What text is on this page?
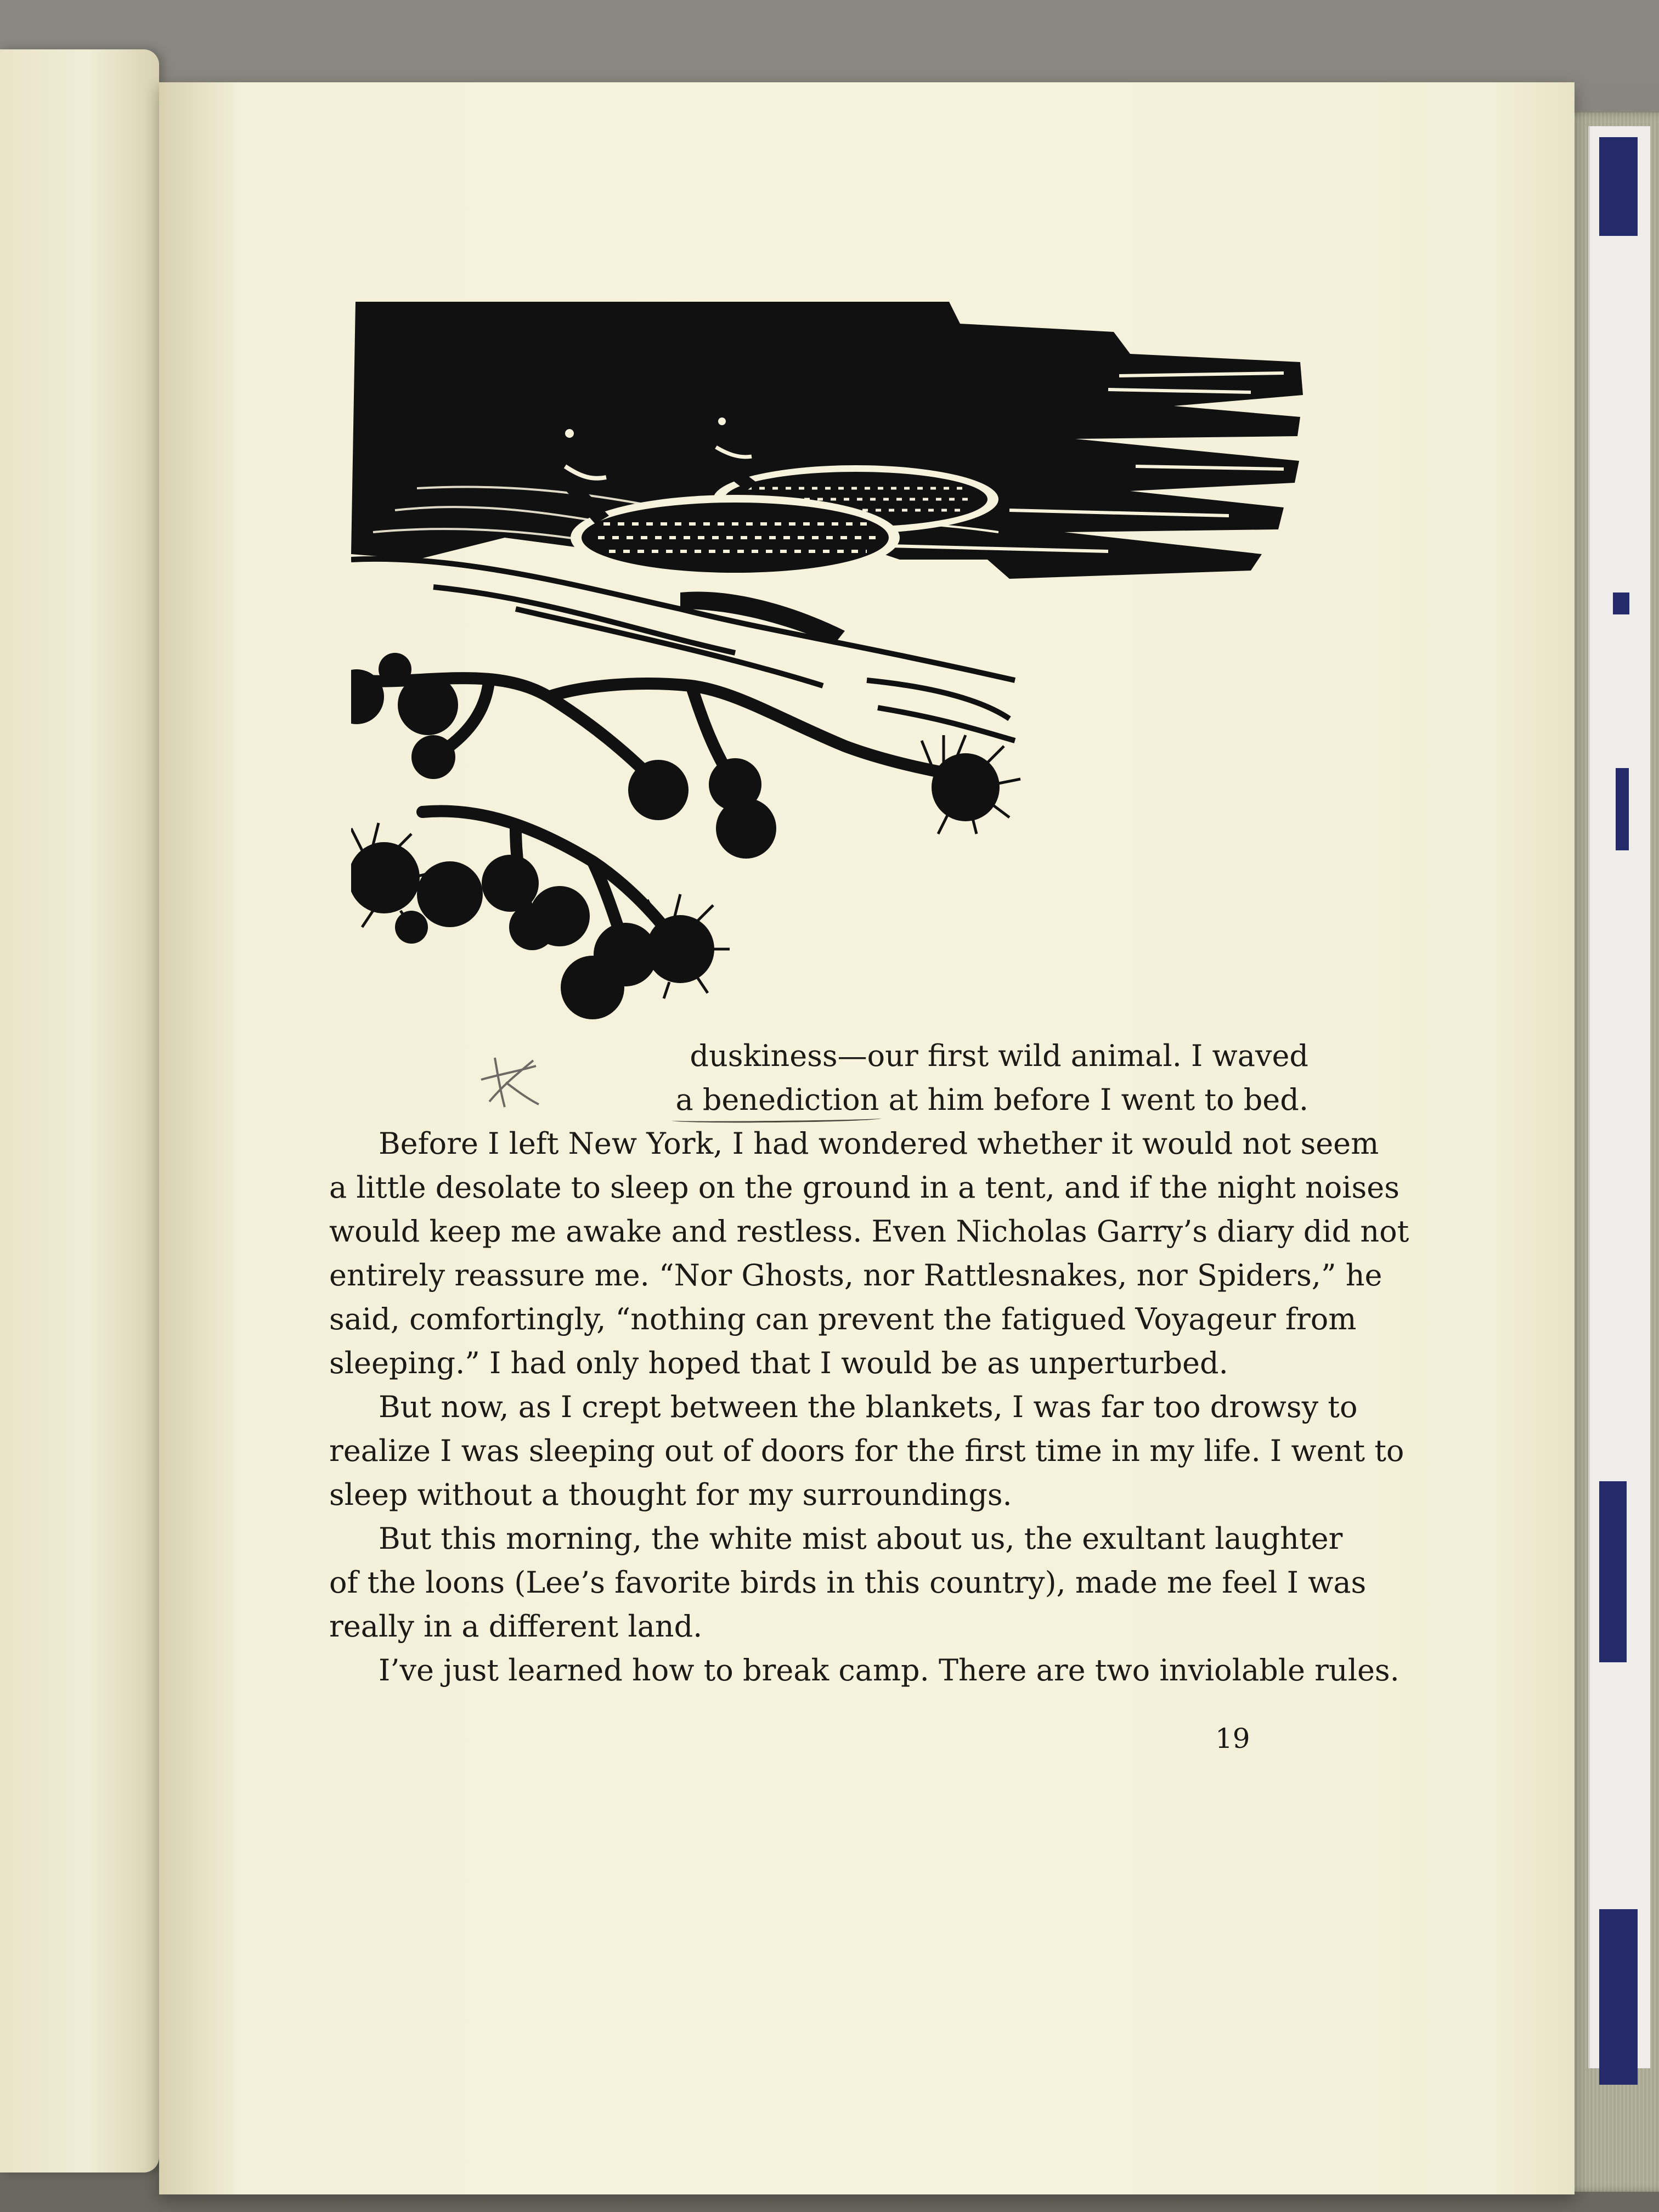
duskiness—our first wild animal. I waved
a benediction at him before I went to bed.
Before I left New York, I had wondered whether it would not seem
a little desolate to sleep on the ground in a tent, and if the night noises
would keep me awake and restless. Even Nicholas Garry’s diary did not
entirely reassure me. “Nor Ghosts, nor Rattlesnakes, nor Spiders,” he
said, comfortingly, “nothing can prevent the fatigued Voyageur from
sleeping.” I had only hoped that I would be as unperturbed.
But now, as I crept between the blankets, I was far too drowsy to
realize I was sleeping out of doors for the first time in my life. I went to
sleep without a thought for my surroundings.
But this morning, the white mist about us, the exultant laughter
of the loons (Lee’s favorite birds in this country), made me feel I was
really in a different land.
I’ve just learned how to break camp. There are two inviolable rules.
19
